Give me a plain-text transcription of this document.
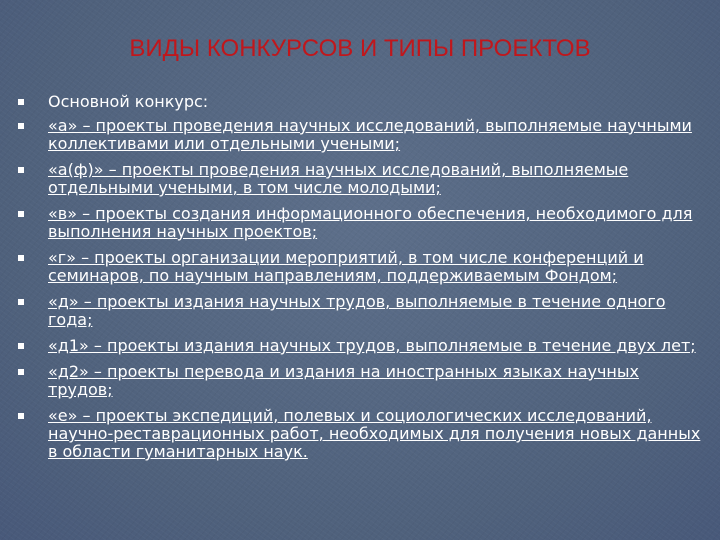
ВИДЫ КОНКУРСОВ И ТИПЫ ПРОЕКТОВ
Основной конкурс:
«а» – проекты проведения научных исследований, выполняемые научными коллективами или отдельными учеными;
«а(ф)» – проекты проведения научных исследований, выполняемые отдельными учеными, в том числе молодыми;
«в» – проекты создания информационного обеспечения, необходимого для выполнения научных проектов;
«г» – проекты организации мероприятий, в том числе конференций и семинаров, по научным направлениям, поддерживаемым Фондом;
«д» – проекты издания научных трудов, выполняемые в течение одного года;
«д1» – проекты издания научных трудов, выполняемые в течение двух лет;
«д2» – проекты перевода и издания на иностранных языках научных трудов;
«е» – проекты экспедиций, полевых и социологических исследований, научно-реставрационных работ, необходимых для получения новых данных в области гуманитарных наук.
